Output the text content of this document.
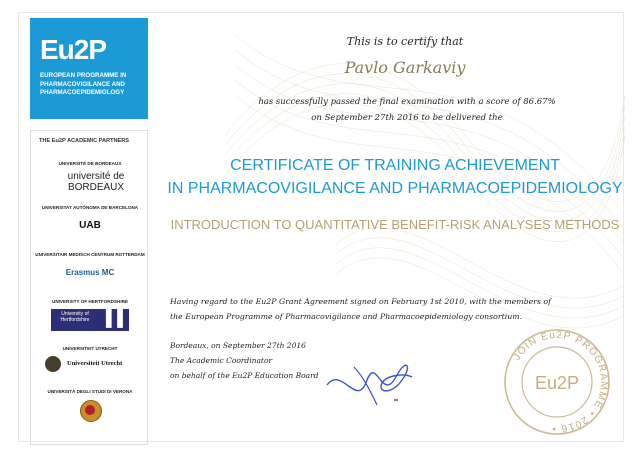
Eu2P
EUROPEAN PROGRAMME IN
PHARMACOVIGILANCE AND
PHARMACOEPIDEMIOLOGY
THE Eu2P ACADEMIC PARTNERS
UNIVERSITÉ DE BORDEAUX
université de BORDEAUX
UNIVERSITAT AUTÒNOMA DE BARCELONA
UAB
UNIVERSITAIR MEDISCH CENTRUM ROTTERDAM
Erasmus MC
UNIVERSITY OF HERTFORDSHIRE
University of Hertfordshire ▐▐
UNIVERSITEIT UTRECHT
Universiteit Utrecht
UNIVERSITÀ DEGLI STUDI DI VERONA
This is to certify that
Pavlo Garkaviy
has successfully passed the final examination with a score of 86.67%
on September 27th 2016 to be delivered the
CERTIFICATE OF TRAINING ACHIEVEMENT
IN PHARMACOVIGILANCE AND PHARMACOEPIDEMIOLOGY
INTRODUCTION TO QUANTITATIVE BENEFIT-RISK ANALYSES METHODS
Having regard to the Eu2P Grant Agreement signed on February 1st 2010, with the members of
the European Programme of Pharmacovigilance and Pharmacoepidemiology consortium.
Bordeaux, on September 27th 2016
The Academic Coordinator
on behalf of the Eu2P Education Board
JOIN Eu2P PROGRAMME • 2016 •
Eu2P
